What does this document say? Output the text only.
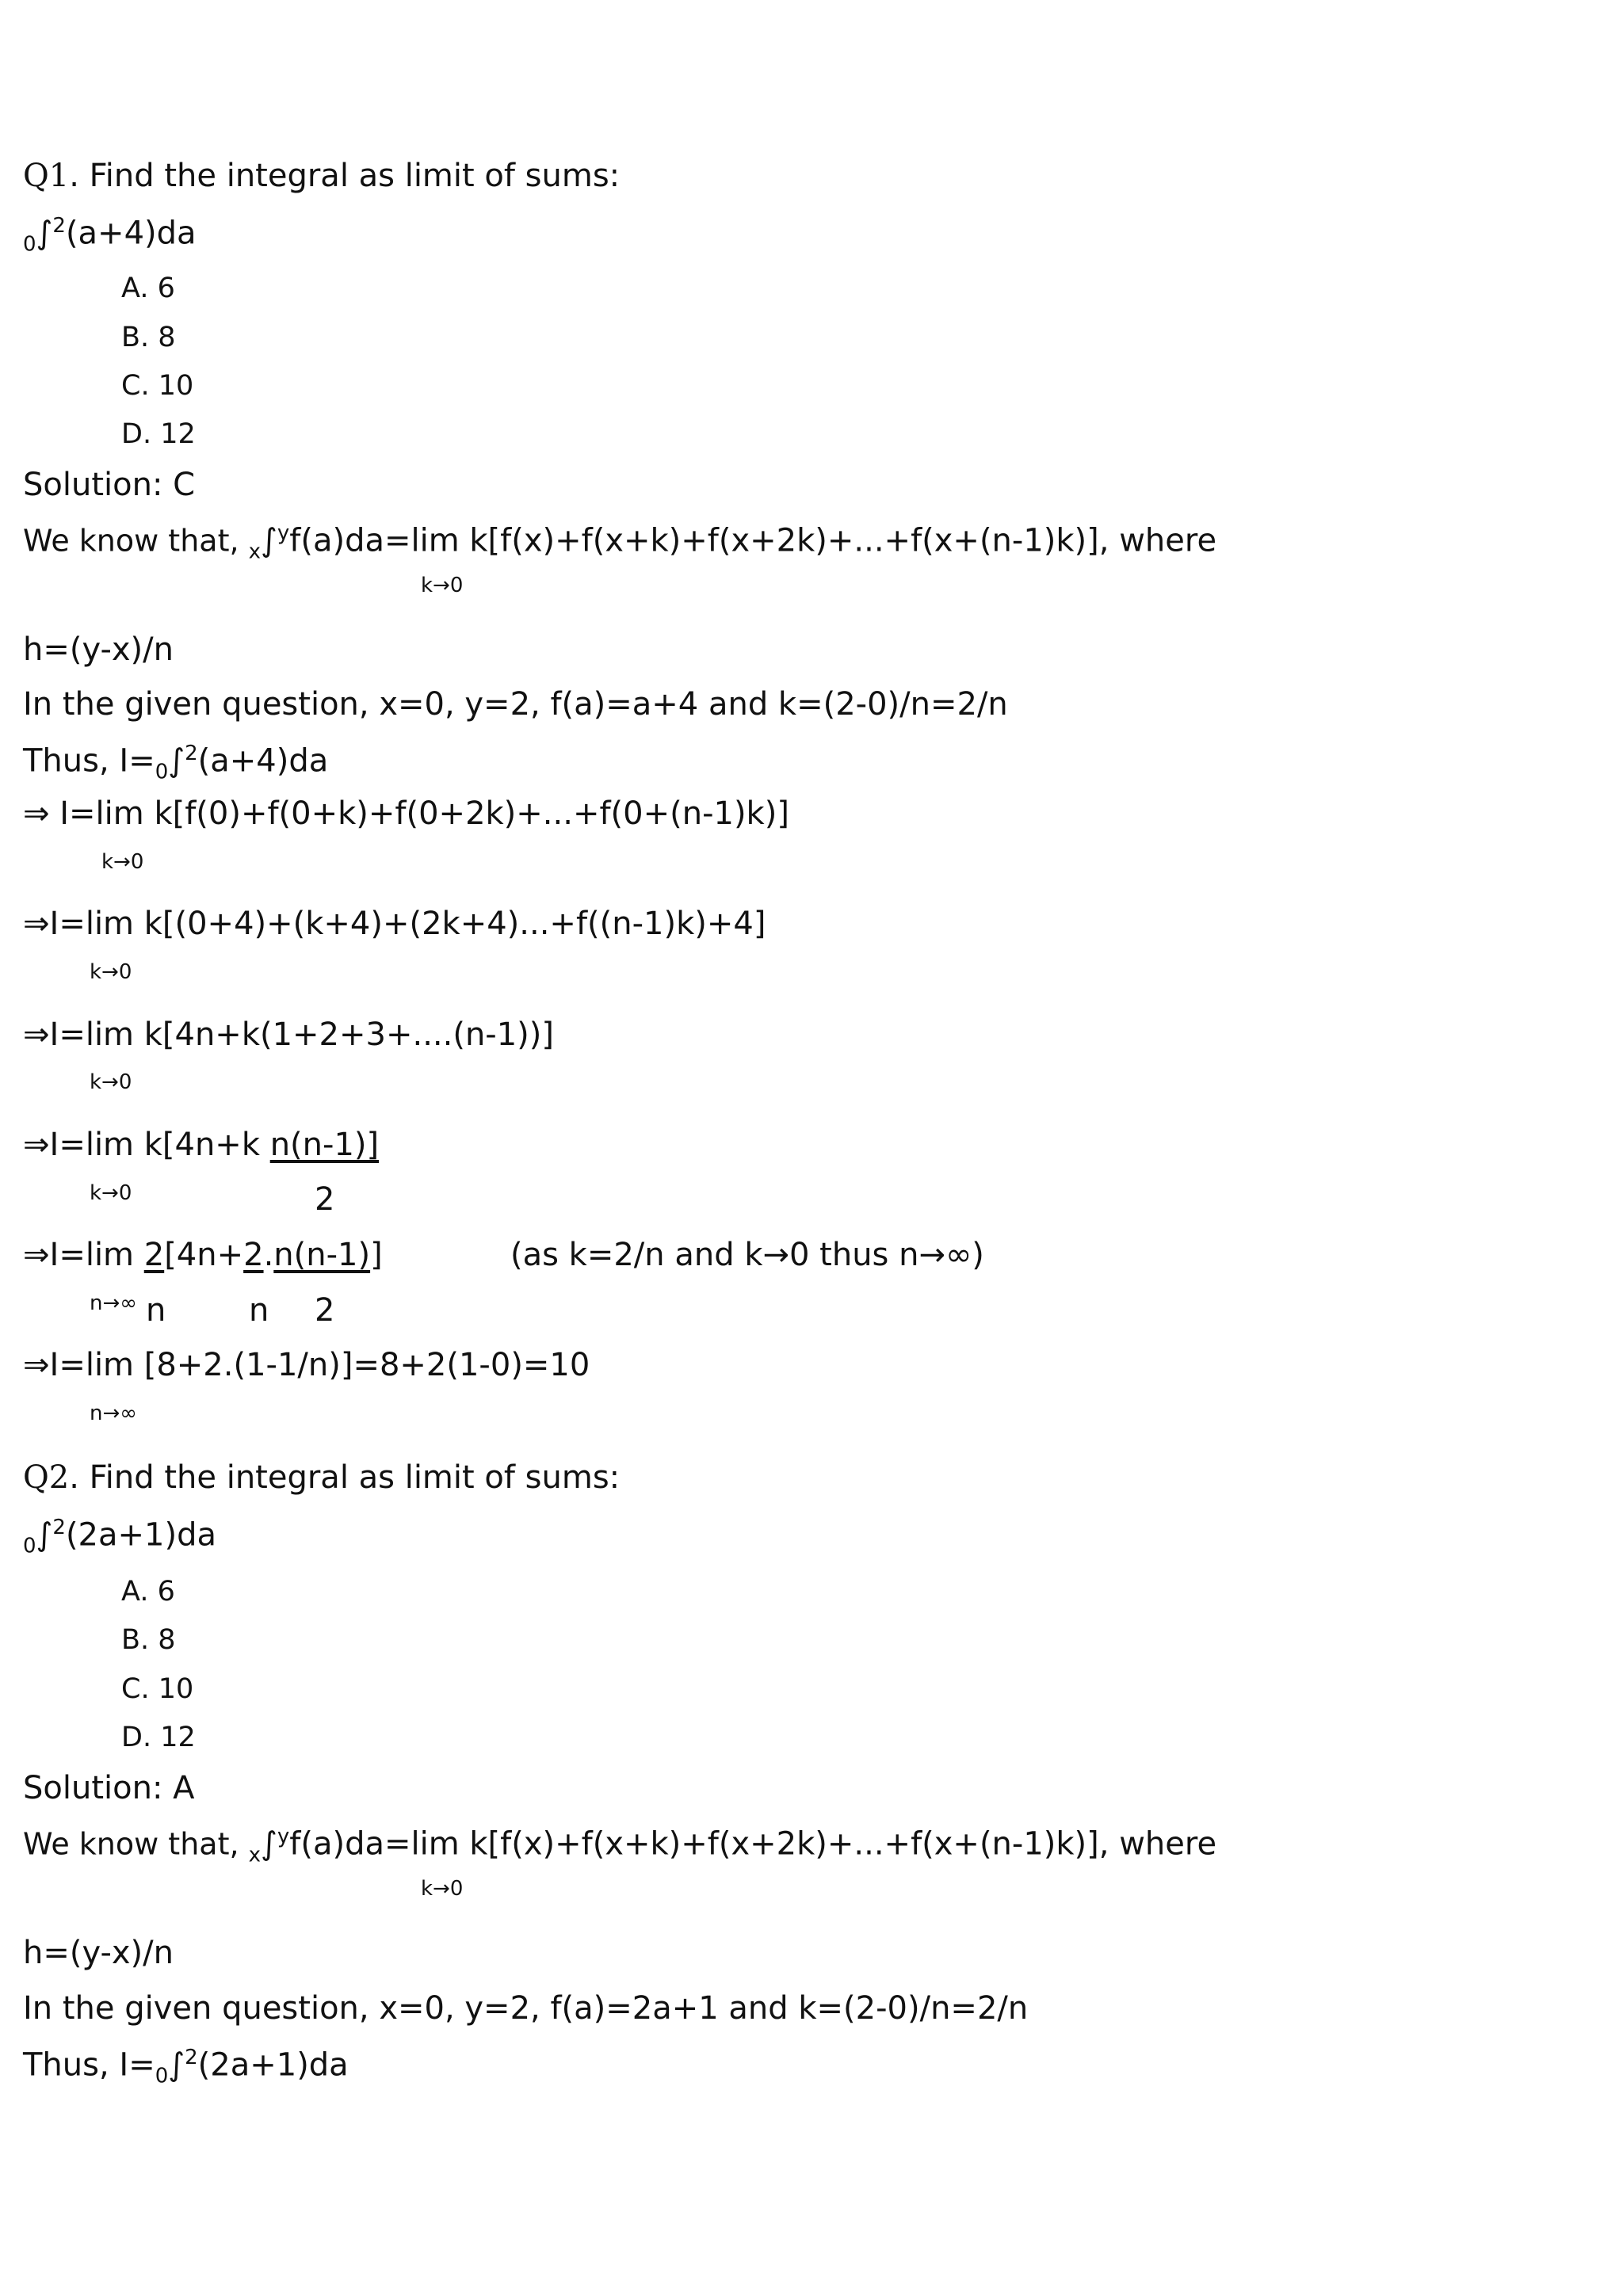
Q1. Find the integral as limit of sums:
$_0$∫$^2$(a+4)da
A. 6
B. 8
C. 10
D. 12
Solution: C
We know that, $_x$∫$^y$f(a)da=lim k[f(x)+f(x+k)+f(x+2k)+...+f(x+(n-1)k)], where
k→0
h=(y-x)/n
In the given question, x=0, y=2, f(a)=a+4 and k=(2-0)/n=2/n
Thus, $I=_0\int^2(a+4)da$
⇒ I=lim k[f(0)+f(0+k)+f(0+2k)+...+f(0+(n-1)k)]
k→0
⇒I=lim k[(0+4)+(k+4)+(2k+4)...+f((n-1)k)+4]
k→0
⇒I=lim k[4n+k(1+2+3+....(n-1))]
k→0
⇒I=lim k[4n+k n(n-1)]
k→0	2
⇒I=lim 2[4n+2.n(n-1)]	(as k=2/n and k→0 thus n→∞)
n→∞ n	n 2
⇒I=lim [8+2.(1-1/n)]=8+2(1-0)=10
n→∞
Q2. Find the integral as limit of sums:
$_0$∫$^2$(2a+1)da
A. 6
B. 8
C. 10
D. 12
Solution: A
We know that, $_x$∫$^y$f(a)da=lim k[f(x)+f(x+k)+f(x+2k)+...+f(x+(n-1)k)], where
k→0
h=(y-x)/n
In the given question, x=0, y=2, f(a)=2a+1 and k=(2-0)/n=2/n
Thus, $I=_0\int^2(2a+1)da$
